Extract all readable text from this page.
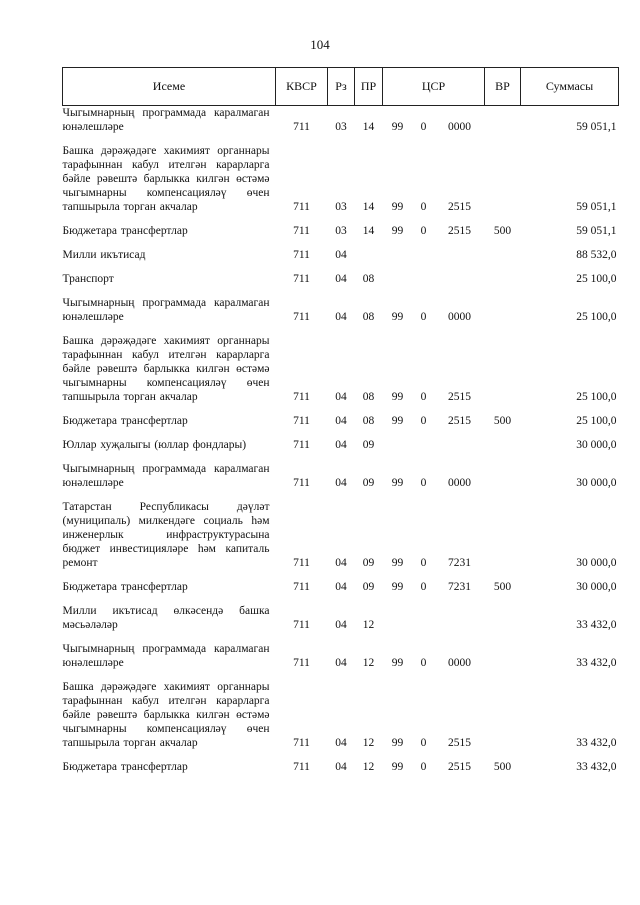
104
Исеме	КВСР	Рз	ПР	ЦСР			ВР	Суммасы
Чыгымнарның программада каралмаган юнәлешләре	711	03	14	99	0	0000		59 051,1
Башка дәрәҗәдәге хакимият органнары тарафыннан кабул ителгән карарларга бәйле рәвештә барлыкка килгән өстәмә чыгымнарны компенсацияләү өчен тапшырыла торган акчалар	711	03	14	99	0	2515		59 051,1
Бюджетара трансфертлар	711	03	14	99	0	2515	500	59 051,1
Милли икътисад	711	04						88 532,0
Транспорт	711	04	08					25 100,0
Чыгымнарның программада каралмаган юнәлешләре	711	04	08	99	0	0000		25 100,0
Башка дәрәҗәдәге хакимият органнары тарафыннан кабул ителгән карарларга бәйле рәвештә барлыкка килгән өстәмә чыгымнарны компенсацияләү өчен тапшырыла торган акчалар	711	04	08	99	0	2515		25 100,0
Бюджетара трансфертлар	711	04	08	99	0	2515	500	25 100,0
Юллар хуҗалыгы (юллар фондлары)	711	04	09					30 000,0
Чыгымнарның программада каралмаган юнәлешләре	711	04	09	99	0	0000		30 000,0
Татарстан Республикасы дәүләт (муниципаль) милкендәге социаль һәм инженерлык инфраструктурасына бюджет инвестицияләре һәм капиталь ремонт	711	04	09	99	0	7231		30 000,0
Бюджетара трансфертлар	711	04	09	99	0	7231	500	30 000,0
Милли икътисад өлкәсендә башка мәсьәләләр	711	04	12					33 432,0
Чыгымнарның программада каралмаган юнәлешләре	711	04	12	99	0	0000		33 432,0
Башка дәрәҗәдәге хакимият органнары тарафыннан кабул ителгән карарларга бәйле рәвештә барлыкка килгән өстәмә чыгымнарны компенсацияләү өчен тапшырыла торган акчалар	711	04	12	99	0	2515		33 432,0
Бюджетара трансфертлар	711	04	12	99	0	2515	500	33 432,0
